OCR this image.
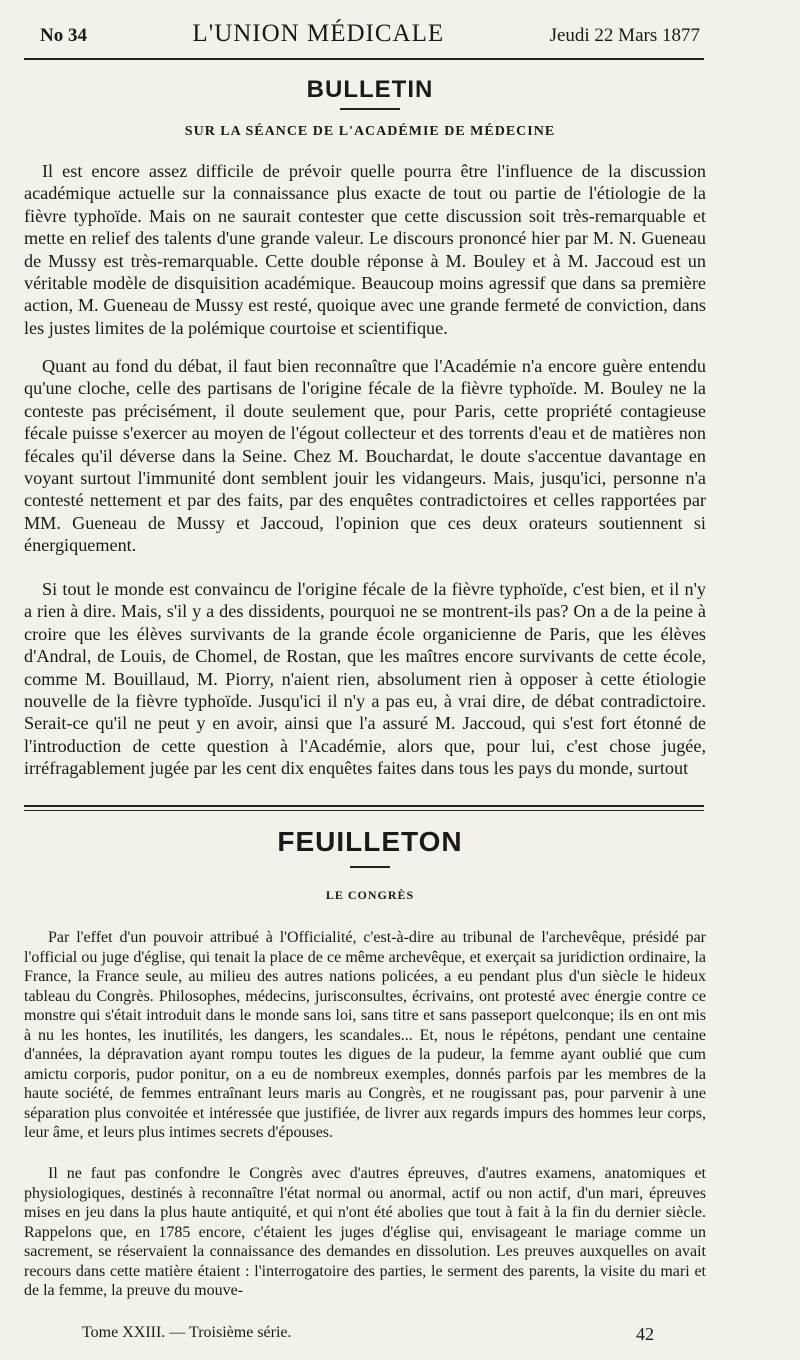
No 34	L'UNION MÉDICALE	Jeudi 22 Mars 1877
BULLETIN
SUR LA SÉANCE DE L'ACADÉMIE DE MÉDECINE

Il est encore assez difficile de prévoir quelle pourra être l'influence de la discussion académique actuelle sur la connaissance plus exacte de tout ou partie de l'étiologie de la fièvre typhoïde. Mais on ne saurait contester que cette discussion soit très-remarquable et mette en relief des talents d'une grande valeur. Le discours prononcé hier par M. N. Gueneau de Mussy est très-remarquable. Cette double réponse à M. Bouley et à M. Jaccoud est un véritable modèle de disquisition académique. Beaucoup moins agressif que dans sa première action, M. Gueneau de Mussy est resté, quoique avec une grande fermeté de conviction, dans les justes limites de la polémique courtoise et scientifique.

Quant au fond du débat, il faut bien reconnaître que l'Académie n'a encore guère entendu qu'une cloche, celle des partisans de l'origine fécale de la fièvre typhoïde. M. Bouley ne la conteste pas précisément, il doute seulement que, pour Paris, cette propriété contagieuse fécale puisse s'exercer au moyen de l'égout collecteur et des torrents d'eau et de matières non fécales qu'il déverse dans la Seine. Chez M. Bouchardat, le doute s'accentue davantage en voyant surtout l'immunité dont semblent jouir les vidangeurs. Mais, jusqu'ici, personne n'a contesté nettement et par des faits, par des enquêtes contradictoires et celles rapportées par MM. Gueneau de Mussy et Jaccoud, l'opinion que ces deux orateurs soutiennent si énergiquement.

Si tout le monde est convaincu de l'origine fécale de la fièvre typhoïde, c'est bien, et il n'y a rien à dire. Mais, s'il y a des dissidents, pourquoi ne se montrent-ils pas? On a de la peine à croire que les élèves survivants de la grande école organicienne de Paris, que les élèves d'Andral, de Louis, de Chomel, de Rostan, que les maîtres encore survivants de cette école, comme M. Bouillaud, M. Piorry, n'aient rien, absolument rien à opposer à cette étiologie nouvelle de la fièvre typhoïde. Jusqu'ici il n'y a pas eu, à vrai dire, de débat contradictoire. Serait-ce qu'il ne peut y en avoir, ainsi que l'a assuré M. Jaccoud, qui s'est fort étonné de l'introduction de cette question à l'Académie, alors que, pour lui, c'est chose jugée, irréfragablement jugée par les cent dix enquêtes faites dans tous les pays du monde, surtout

FEUILLETON
LE CONGRÈS

Par l'effet d'un pouvoir attribué à l'Officialité, c'est-à-dire au tribunal de l'archevêque, présidé par l'official ou juge d'église, qui tenait la place de ce même archevêque, et exerçait sa juridiction ordinaire, la France, la France seule, au milieu des autres nations policées, a eu pendant plus d'un siècle le hideux tableau du Congrès. Philosophes, médecins, jurisconsultes, écrivains, ont protesté avec énergie contre ce monstre qui s'était introduit dans le monde sans loi, sans titre et sans passeport quelconque; ils en ont mis à nu les hontes, les inutilités, les dangers, les scandales... Et, nous le répétons, pendant une centaine d'années, la dépravation ayant rompu toutes les digues de la pudeur, la femme ayant oublié que cum amictu corporis, pudor ponitur, on a eu de nombreux exemples, donnés parfois par les membres de la haute société, de femmes entraînant leurs maris au Congrès, et ne rougissant pas, pour parvenir à une séparation plus convoitée et intéressée que justifiée, de livrer aux regards impurs des hommes leur corps, leur âme, et leurs plus intimes secrets d'épouses.

Il ne faut pas confondre le Congrès avec d'autres épreuves, d'autres examens, anatomiques et physiologiques, destinés à reconnaître l'état normal ou anormal, actif ou non actif, d'un mari, épreuves mises en jeu dans la plus haute antiquité, et qui n'ont été abolies que tout à fait à la fin du dernier siècle. Rappelons que, en 1785 encore, c'étaient les juges d'église qui, envisageant le mariage comme un sacrement, se réservaient la connaissance des demandes en dissolution. Les preuves auxquelles on avait recours dans cette matière étaient : l'interrogatoire des parties, le serment des parents, la visite du mari et de la femme, la preuve du mouve-

Tome XXIII. — Troisième série.	42
